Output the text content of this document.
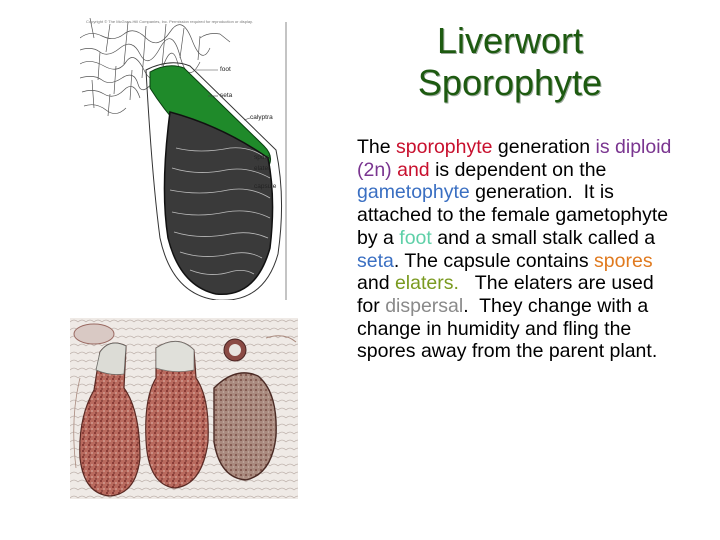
Copyright © The McGraw-Hill Companies, Inc. Permission required for reproduction or display.
foot
seta
calyptra
spore
elater
capsule
Liverwort
Sporophyte
The sporophyte generation is diploid (2n) and is dependent on the gametophyte generation.  It is attached to the female gametophyte by a foot and a small stalk called a seta. The capsule contains spores and elaters.   The elaters are used for dispersal.  They change with a change in humidity and fling the spores away from the parent plant.
